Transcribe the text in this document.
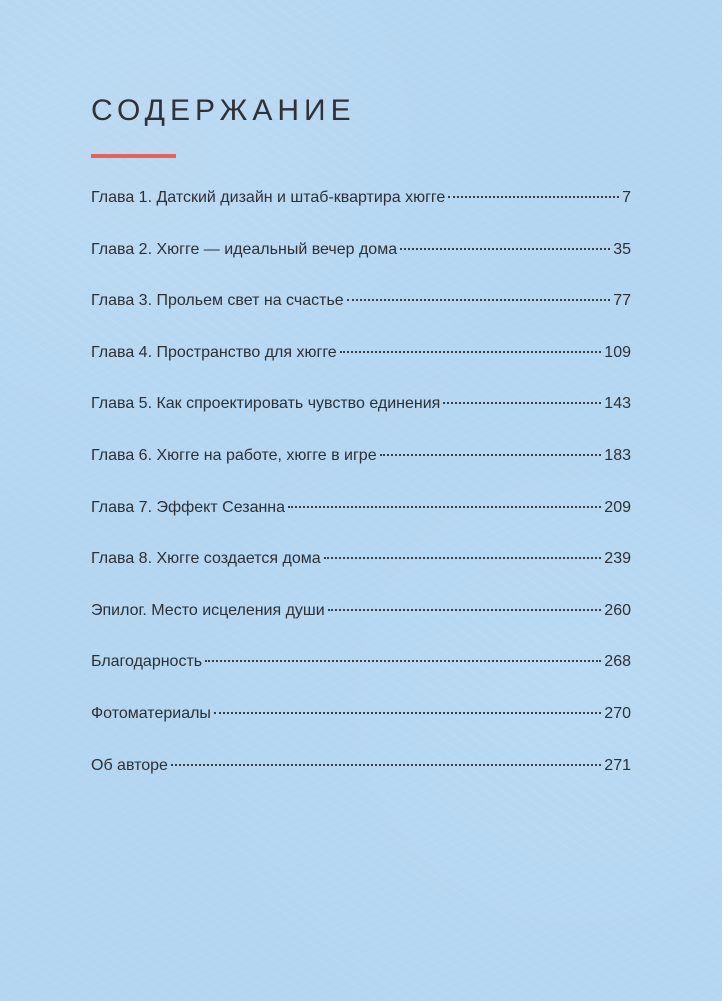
СОДЕРЖАНИЕ
Глава 1. Датский дизайн и штаб-квартира хюгге	7
Глава 2. Хюгге — идеальный вечер дома	35
Глава 3. Прольем свет на счастье	77
Глава 4. Пространство для хюгге	109
Глава 5. Как спроектировать чувство единения	143
Глава 6. Хюгге на работе, хюгге в игре	183
Глава 7. Эффект Сезанна	209
Глава 8. Хюгге создается дома	239
Эпилог. Место исцеления души	260
Благодарность	268
Фотоматериалы	270
Об авторе	271
